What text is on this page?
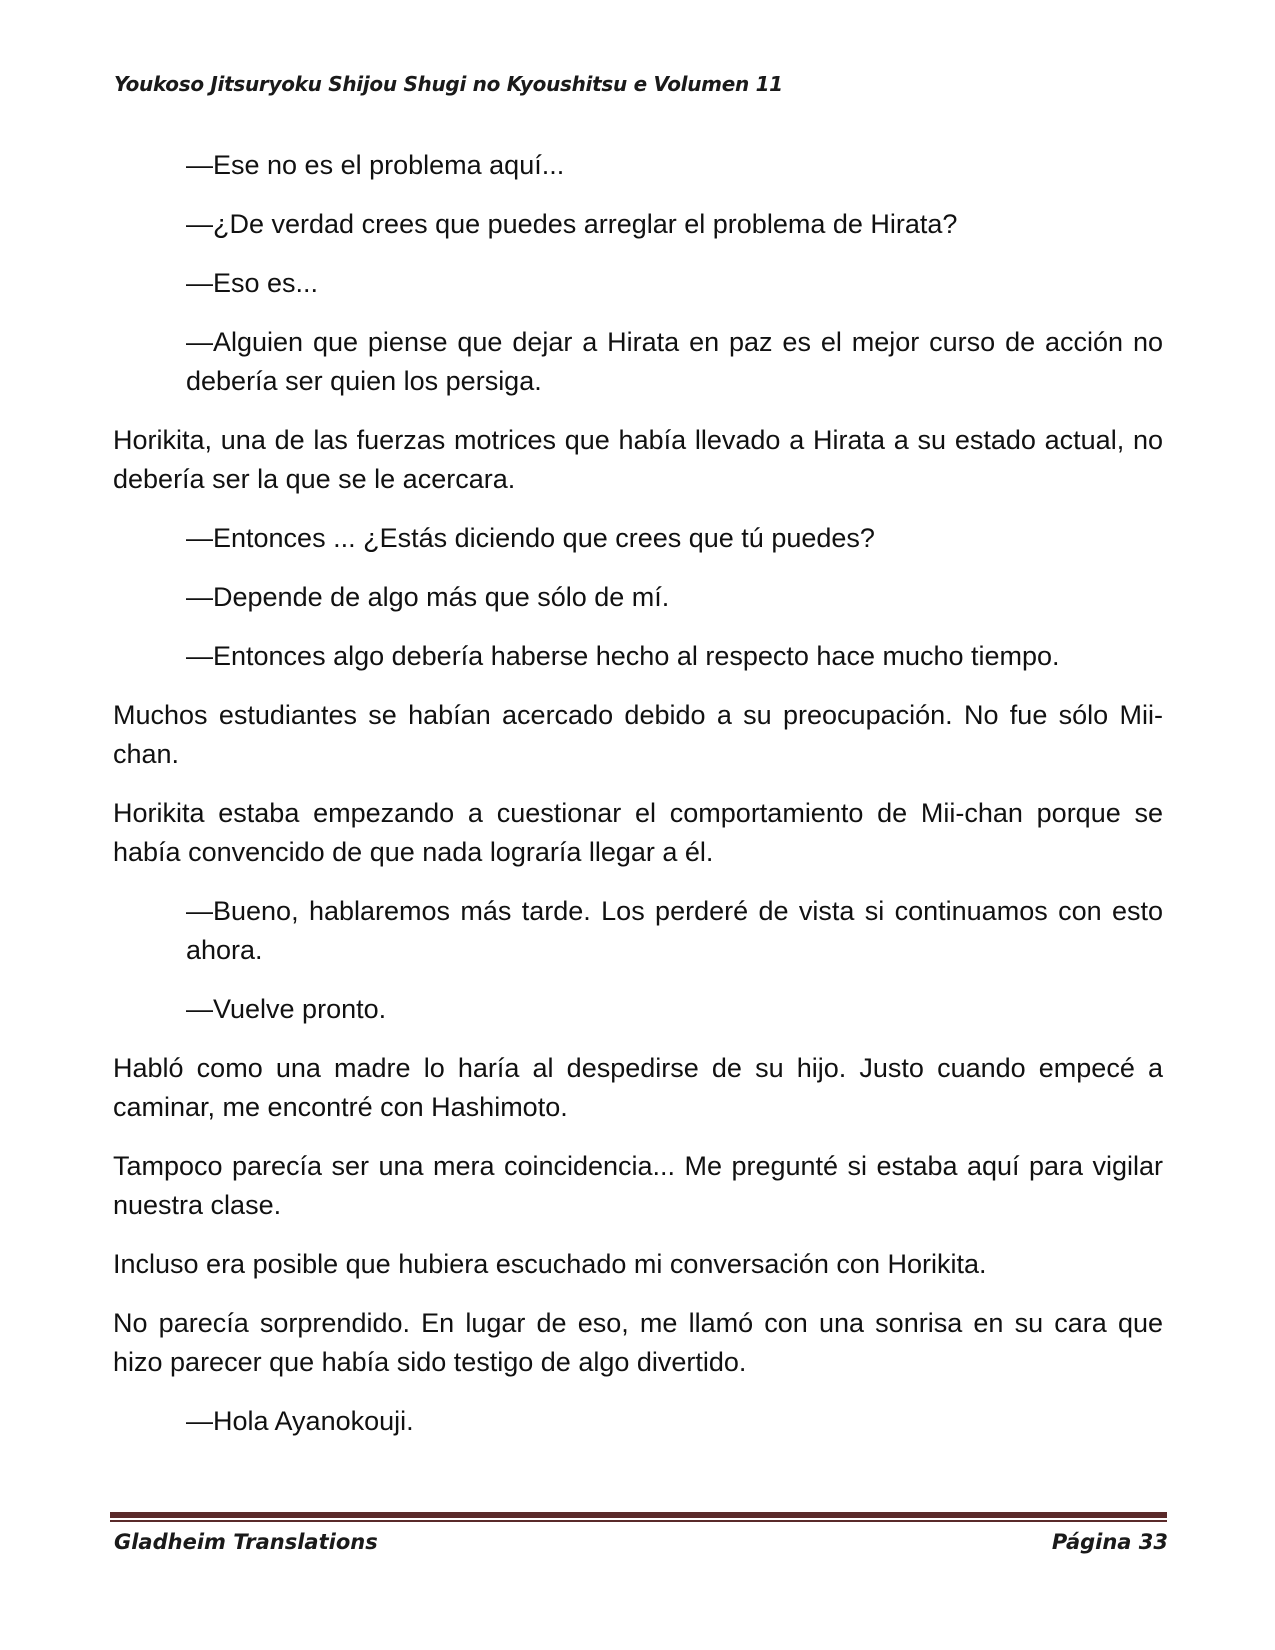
Youkoso Jitsuryoku Shijou Shugi no Kyoushitsu e Volumen 11

—Ese no es el problema aquí...

—¿De verdad crees que puedes arreglar el problema de Hirata?

—Eso es...

—Alguien que piense que dejar a Hirata en paz es el mejor curso de acción no debería ser quien los persiga.

Horikita, una de las fuerzas motrices que había llevado a Hirata a su estado actual, no debería ser la que se le acercara.

—Entonces ... ¿Estás diciendo que crees que tú puedes?

—Depende de algo más que sólo de mí.

—Entonces algo debería haberse hecho al respecto hace mucho tiempo.

Muchos estudiantes se habían acercado debido a su preocupación. No fue sólo Mii-chan.

Horikita estaba empezando a cuestionar el comportamiento de Mii-chan porque se había convencido de que nada lograría llegar a él.

—Bueno, hablaremos más tarde. Los perderé de vista si continuamos con esto ahora.

—Vuelve pronto.

Habló como una madre lo haría al despedirse de su hijo. Justo cuando empecé a caminar, me encontré con Hashimoto.

Tampoco parecía ser una mera coincidencia... Me pregunté si estaba aquí para vigilar nuestra clase.

Incluso era posible que hubiera escuchado mi conversación con Horikita.

No parecía sorprendido. En lugar de eso, me llamó con una sonrisa en su cara que hizo parecer que había sido testigo de algo divertido.

—Hola Ayanokouji.

Gladheim Translations	Página 33
